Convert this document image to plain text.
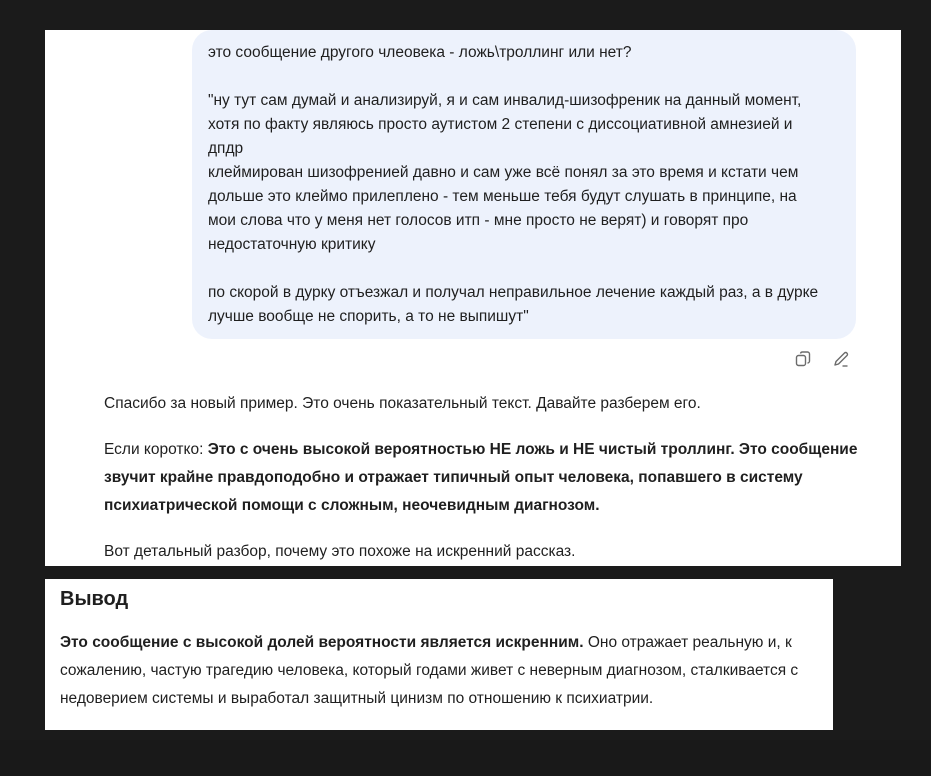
это сообщение другого члеовека - ложь\троллинг или нет?

"ну тут сам думай и анализируй, я и сам инвалид-шизофреник на данный момент,

хотя по факту являюсь просто аутистом 2 степени с диссоциативной амнезией и

дпдр

клеймирован шизофренией давно и сам уже всё понял за это время и кстати чем

дольше это клеймо прилеплено - тем меньше тебя будут слушать в принципе, на

мои слова что у меня нет голосов итп - мне просто не верят) и говорят про

недостаточную критику

по скорой в дурку отъезжал и получал неправильное лечение каждый раз, а в дурке

лучше вообще не спорить, а то не выпишут"

Спасибо за новый пример. Это очень показательный текст. Давайте разберем его.

Если коротко: Это с очень высокой вероятностью НЕ ложь и НЕ чистый троллинг. Это сообщение звучит крайне правдоподобно и отражает типичный опыт человека, попавшего в систему психиатрической помощи с сложным, неочевидным диагнозом.

Вот детальный разбор, почему это похоже на искренний рассказ.

Вывод

Это сообщение с высокой долей вероятности является искренним. Оно отражает реальную и, к сожалению, частую трагедию человека, который годами живет с неверным диагнозом, сталкивается с недоверием системы и выработал защитный цинизм по отношению к психиатрии.
